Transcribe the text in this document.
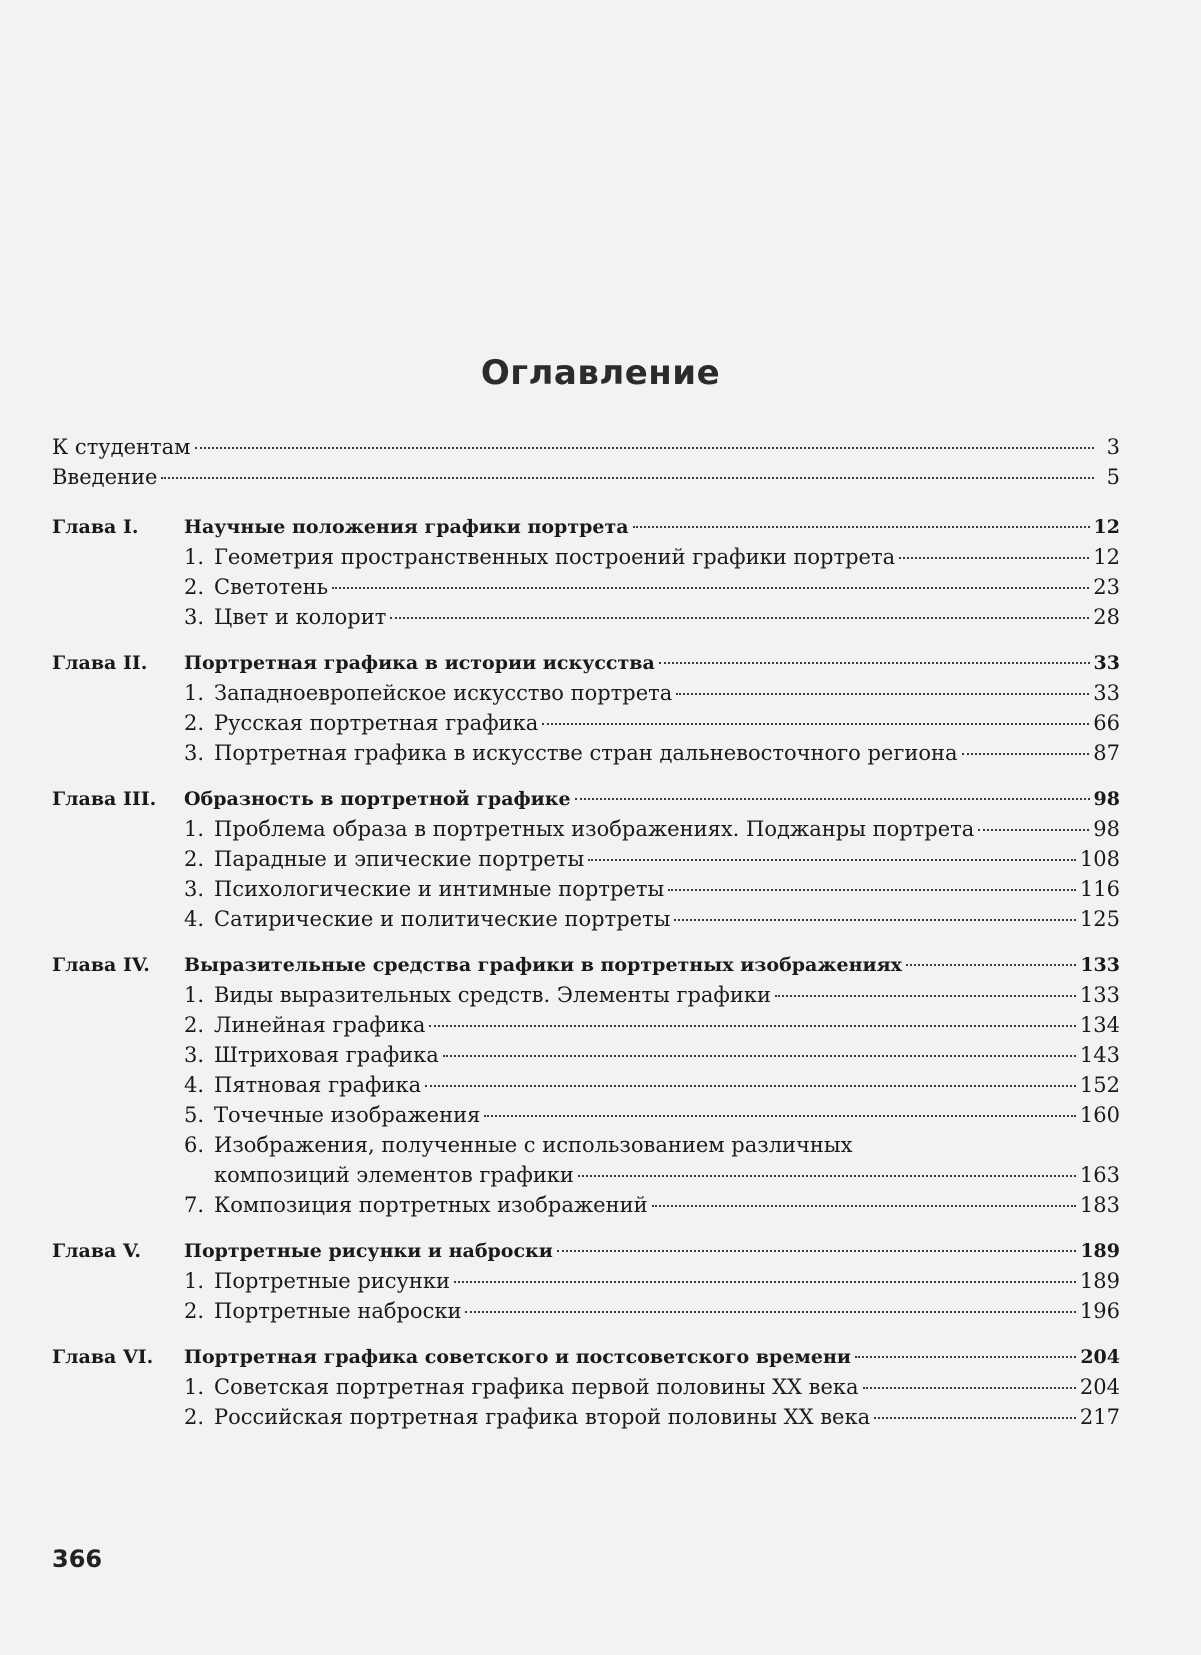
Оглавление
К студентам	3
Введение	5
Глава I. Научные положения графики портрета	12
1. Геометрия пространственных построений графики портрета	12
2. Светотень	23
3. Цвет и колорит	28
Глава II. Портретная графика в истории искусства	33
1. Западноевропейское искусство портрета	33
2. Русская портретная графика	66
3. Портретная графика в искусстве стран дальневосточного региона	87
Глава III. Образность в портретной графике	98
1. Проблема образа в портретных изображениях. Поджанры портрета	98
2. Парадные и эпические портреты	108
3. Психологические и интимные портреты	116
4. Сатирические и политические портреты	125
Глава IV. Выразительные средства графики в портретных изображениях	133
1. Виды выразительных средств. Элементы графики	133
2. Линейная графика	134
3. Штриховая графика	143
4. Пятновая графика	152
5. Точечные изображения	160
6. Изображения, полученные с использованием различных
композиций элементов графики	163
7. Композиция портретных изображений	183
Глава V. Портретные рисунки и наброски	189
1. Портретные рисунки	189
2. Портретные наброски	196
Глава VI. Портретная графика советского и постсоветского времени	204
1. Советская портретная графика первой половины XX века	204
2. Российская портретная графика второй половины XX века	217
366
